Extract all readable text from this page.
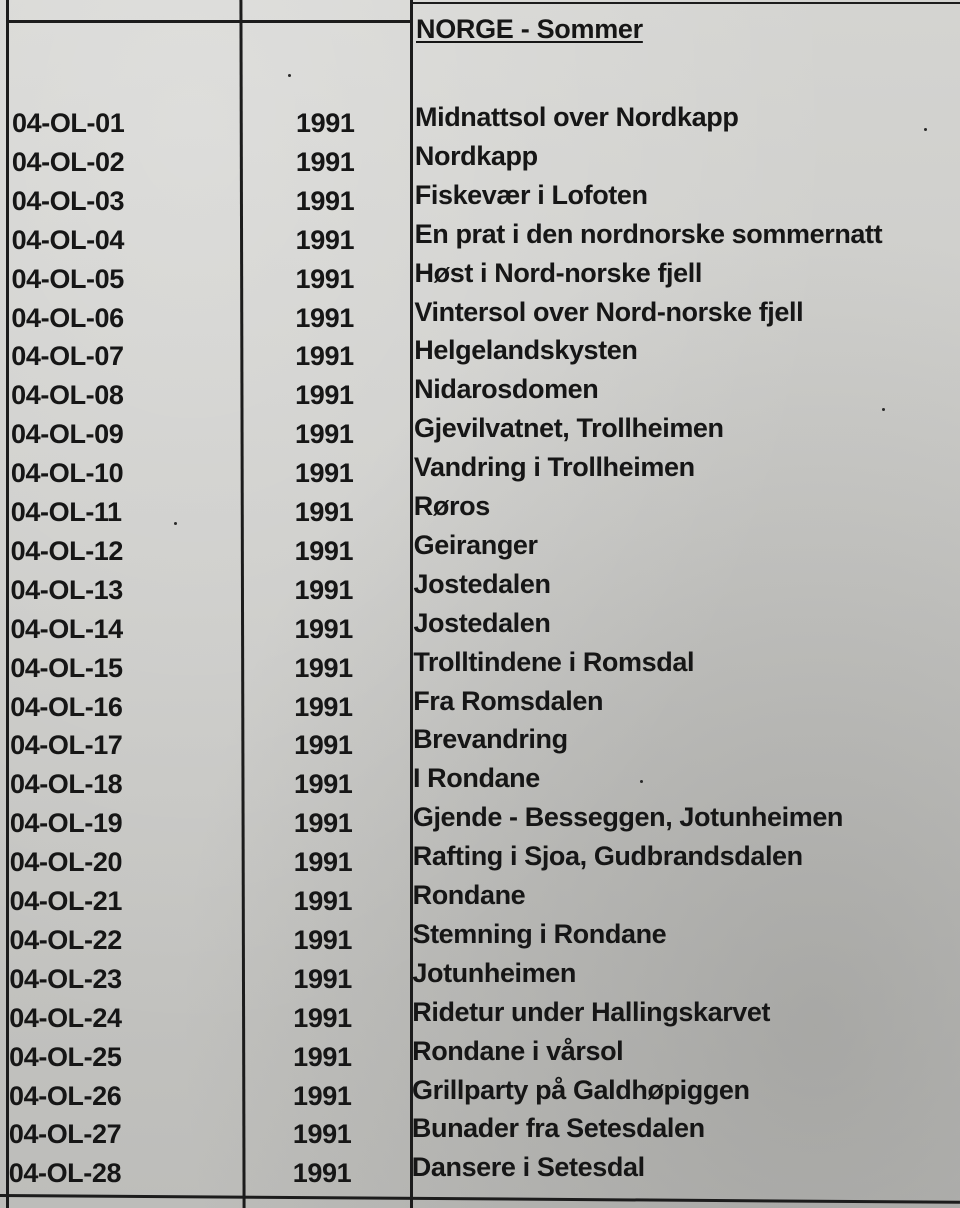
NORGE - Sommer
04-OL-01	1991 Midnattsol over Nordkapp
04-OL-02	1991 Nordkapp
04-OL-03	1991 Fiskevær i Lofoten
04-OL-04	1991 En prat i den nordnorske sommernatt
04-OL-05	1991 Høst i Nord-norske fjell
04-OL-06	1991 Vintersol over Nord-norske fjell
04-OL-07	1991 Helgelandskysten
04-OL-08	1991 Nidarosdomen
04-OL-09	1991 Gjevilvatnet, Trollheimen
04-OL-10	1991 Vandring i Trollheimen
04-OL-11	1991 Røros
04-OL-12	1991 Geiranger
04-OL-13	1991 Jostedalen
04-OL-14	1991 Jostedalen
04-OL-15	1991 Trolltindene i Romsdal
04-OL-16	1991 Fra Romsdalen
04-OL-17	1991 Brevandring
04-OL-18	1991 I Rondane
04-OL-19	1991 Gjende - Besseggen, Jotunheimen
04-OL-20	1991 Rafting i Sjoa, Gudbrandsdalen
04-OL-21	1991 Rondane
04-OL-22	1991 Stemning i Rondane
04-OL-23	1991 Jotunheimen
04-OL-24	1991 Ridetur under Hallingskarvet
04-OL-25	1991 Rondane i vårsol
04-OL-26	1991 Grillparty på Galdhøpiggen
04-OL-27	1991 Bunader fra Setesdalen
04-OL-28	1991 Dansere i Setesdal
